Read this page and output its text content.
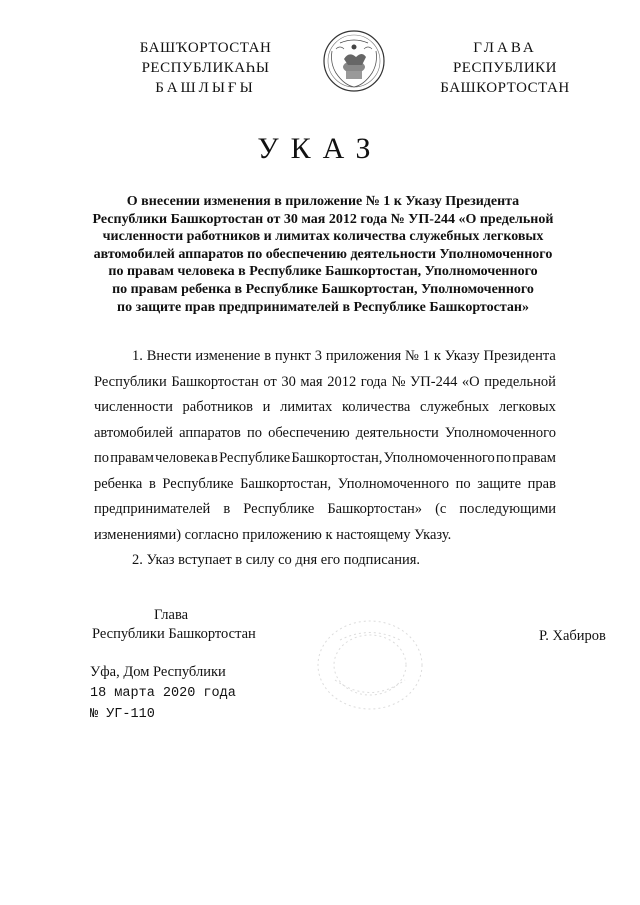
БАШҠОРТОСТАН
РЕСПУБЛИКАҺЫ
БАШЛЫҒЫ
ГЛАВА
РЕСПУБЛИКИ
БАШКОРТОСТАН
УКАЗ
О внесении изменения в приложение № 1 к Указу Президента
Республики Башкортостан от 30 мая 2012 года № УП-244 «О предельной
численности работников и лимитах количества служебных легковых
автомобилей аппаратов по обеспечению деятельности Уполномоченного
по правам человека в Республике Башкортостан, Уполномоченного
по правам ребенка в Республике Башкортостан, Уполномоченного
по защите прав предпринимателей в Республике Башкортостан»
1. Внести изменение в пункт 3 приложения № 1 к Указу Президента
Республики Башкортостан от 30 мая 2012 года № УП-244 «О предельной
численности работников и лимитах количества служебных легковых
автомобилей аппаратов по обеспечению деятельности Уполномоченного
по правам человека в Республике Башкортостан, Уполномоченного по правам
ребенка в Республике Башкортостан, Уполномоченного по защите прав
предпринимателей в Республике Башкортостан» (с последующими
изменениями) согласно приложению к настоящему Указу.
2. Указ вступает в силу со дня его подписания.
Глава
Республики Башкортостан	Р. Хабиров
Уфа, Дом Республики
18 марта 2020 года
№ УГ-110
